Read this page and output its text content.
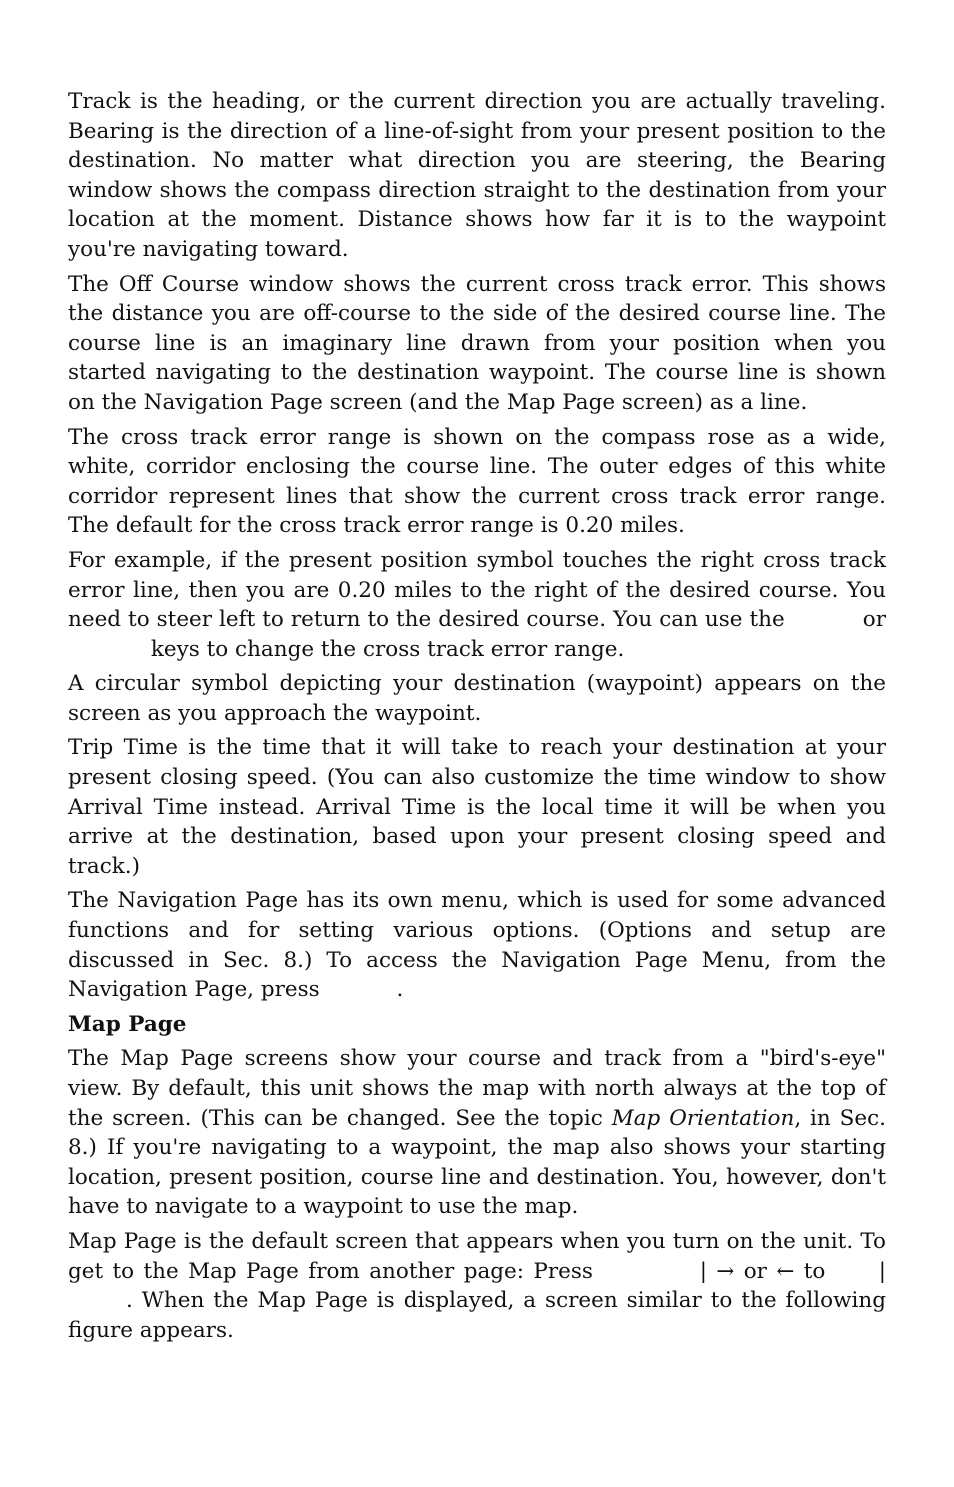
Track is the heading, or the current direction you are actually traveling. Bearing is the direction of a line-of-sight from your present position to the destination. No matter what direction you are steering, the Bearing window shows the compass direction straight to the destination from your location at the moment. Distance shows how far it is to the waypoint you're navigating toward.

The Off Course window shows the current cross track error. This shows the distance you are off-course to the side of the desired course line. The course line is an imaginary line drawn from your position when you started navigating to the destination waypoint. The course line is shown on the Navigation Page screen (and the Map Page screen) as a line.

The cross track error range is shown on the compass rose as a wide, white, corridor enclosing the course line. The outer edges of this white corridor represent lines that show the current cross track error range. The default for the cross track error range is 0.20 miles.

For example, if the present position symbol touches the right cross track error line, then you are 0.20 miles to the right of the desired course. You need to steer left to return to the desired course. You can use the	or  keys to change the cross track error range.

A circular symbol depicting your destination (waypoint) appears on the screen as you approach the waypoint.

Trip Time is the time that it will take to reach your destination at your present closing speed. (You can also customize the time window to show Arrival Time instead. Arrival Time is the local time it will be when you arrive at the destination, based upon your present closing speed and track.)

The Navigation Page has its own menu, which is used for some advanced functions and for setting various options. (Options and setup are discussed in Sec. 8.) To access the Navigation Page Menu, from the Navigation Page, press	.

Map Page

The Map Page screens show your course and track from a "bird's-eye" view. By default, this unit shows the map with north always at the top of the screen. (This can be changed. See the topic Map Orientation, in Sec. 8.) If you're navigating to a waypoint, the map also shows your starting location, present position, course line and destination. You, however, don't have to navigate to a waypoint to use the map.

Map Page is the default screen that appears when you turn on the unit. To get to the Map Page from another page: Press	| → or ← to |. When the Map Page is displayed, a screen similar to the following figure appears.
